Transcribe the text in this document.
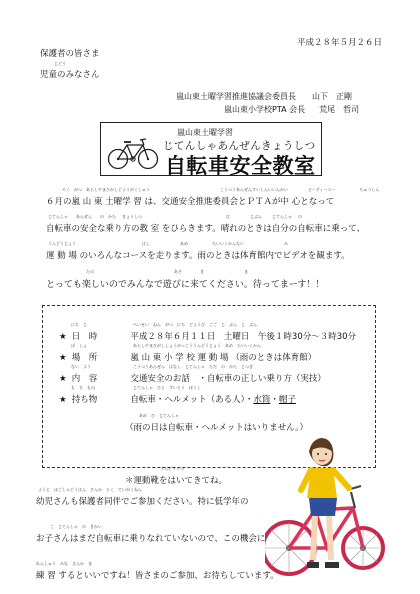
平成２８年５月２６日
保護者の皆さま
じどう
児童のみなさん
嵐山東土曜学習推進協議会委員長 山下　正剛
嵐山東小学校PTA 会長 荒尾　哲司
嵐山東土曜学習
じてんしゃあんぜんきょうしつ
自転車安全教室
ろく　がつ　あらしやまひがしどようがくしゅう	こうつうあんぜんすいしんいいんかい	ピーティーエー	ちゅうしん
６月の嵐 山 東 土曜学 習 は、交通安全推進委員会とＰＴＡが中 心となって
じてんしゃ あんぜん の かた きょうしつ	は	じぶん	じてんしゃ の
自転車の安全な乗り方の教 室 をひらきます。晴れのときは自分の自転車に乗って、
うんどうじょう	はし	あめ	たいいくかんない	み
運 動 場 のいろんなコースを走ります。雨のときは体育館内でビデオを観ます。
たの	あそ	き	ま
とっても楽しいのでみんなで遊びに来てください。待ってまーす！！
にち　じ	へいせい　ねん　がつ　にち　どようび　ごご　じ　ぷん　じ　ぷん
★ 日　時	平成２８年６月１１日　土曜日　午後１時30分〜３時30分
ば　しょ	あらしやまひがししょうがっこううんどうじょう　あめ　たいいくかん
★ 場　所	嵐 山 東 小 学 校 運 動 場 （雨のときは体育館）
ない　よう	こうつうあんぜん　はなし　じてんしゃ　ただ　の　かた　じつぎ
★ 内　容	交通安全のお話　・自転車の正しい乗り方（実技）
も　ち　もの	じてんしゃ　ひと　すいとう　ぼうし
★ 持ち物	自転車・ヘルメット（ある人）・水筒・帽子
あめ　ひ　じてんしゃ
（雨の日は自転車・ヘルメットはいりません。）
うんどうぐつ
＊運動靴をはいてきてね。
ようじ　ほごしゃどうはん　さんか　とく　ていがくねん
幼児さんも保護者同伴でご参加ください。特に低学年の
こ　じてんしゃ　の　きかい
お子さんはまだ自転車に乗りなれていないので、この機会に
れんしゅう　みな　さんか　ま
練 習 するといいですね！皆さまのご参加、お待ちしています。
